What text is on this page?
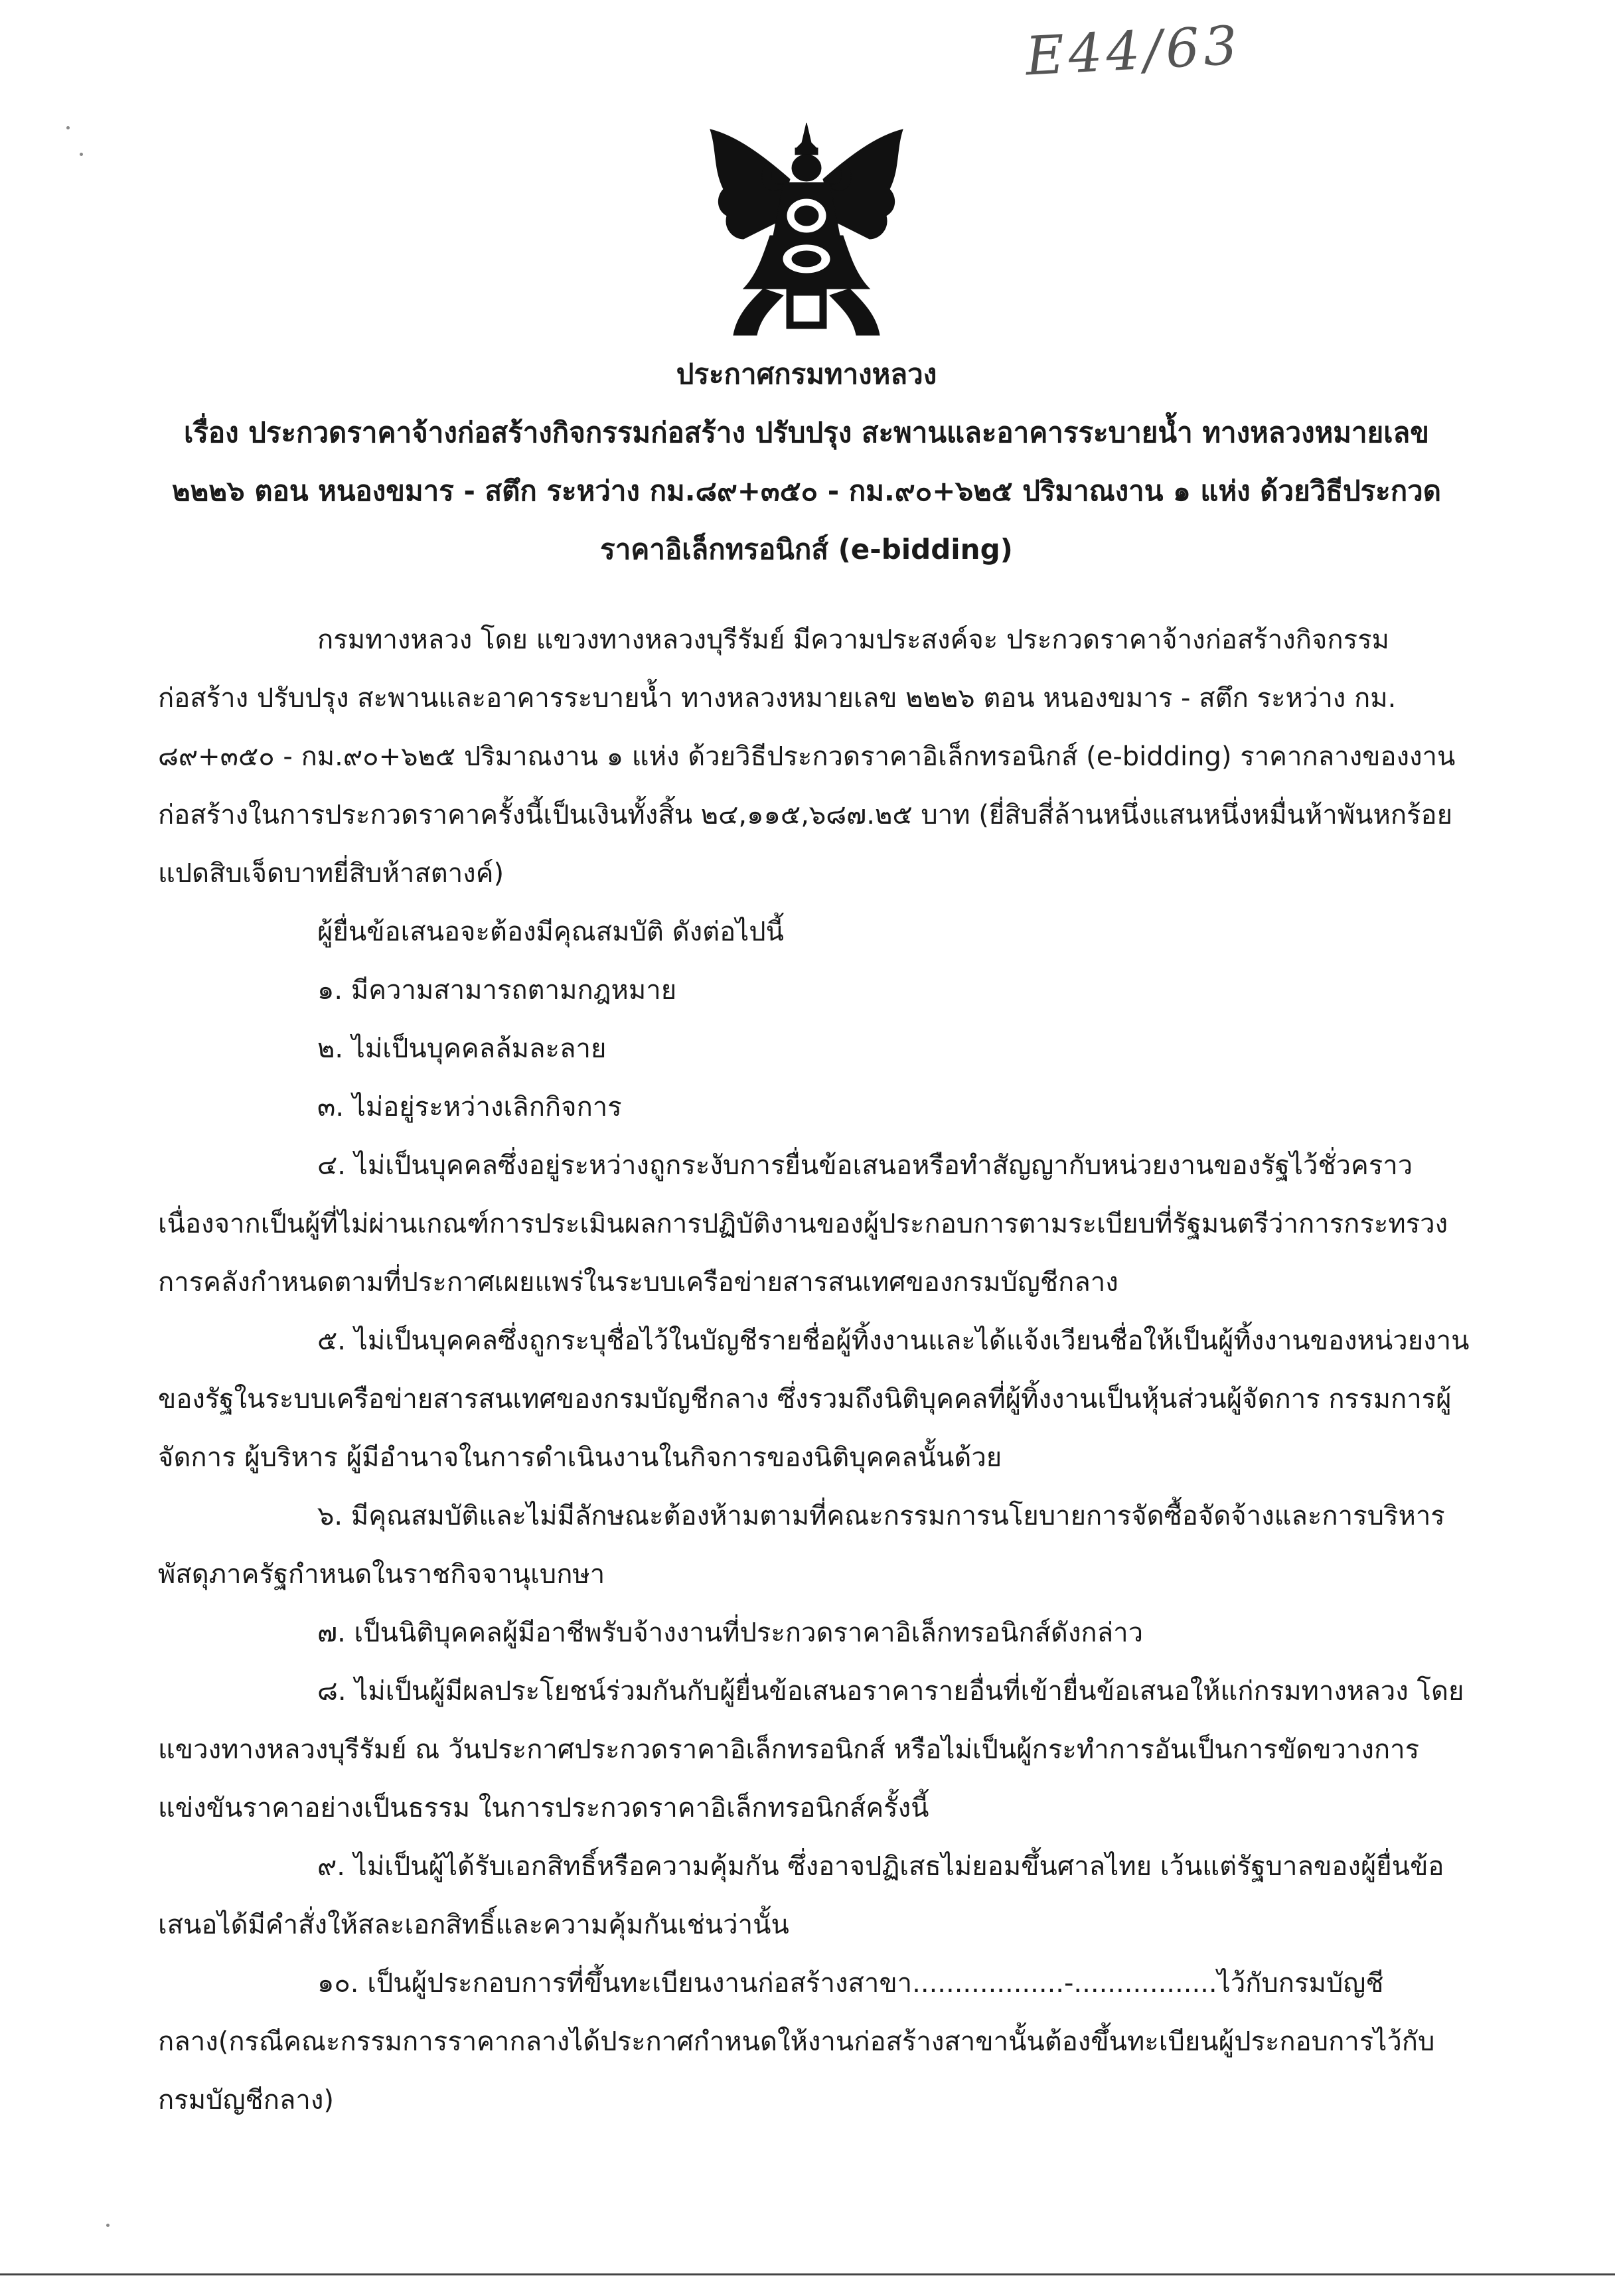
E44/63
ประกาศกรมทางหลวง
เรื่อง ประกวดราคาจ้างก่อสร้างกิจกรรมก่อสร้าง ปรับปรุง สะพานและอาคารระบายน้ำ ทางหลวงหมายเลข
๒๒๒๖ ตอน หนองขมาร - สตึก ระหว่าง กม.๘๙+๓๕๐ - กม.๙๐+๖๒๕ ปริมาณงาน ๑ แห่ง ด้วยวิธีประกวด
ราคาอิเล็กทรอนิกส์ (e-bidding)
กรมทางหลวง โดย แขวงทางหลวงบุรีรัมย์ มีความประสงค์จะ ประกวดราคาจ้างก่อสร้างกิจกรรม
ก่อสร้าง ปรับปรุง สะพานและอาคารระบายน้ำ ทางหลวงหมายเลข ๒๒๒๖ ตอน หนองขมาร - สตึก ระหว่าง กม.
๘๙+๓๕๐ - กม.๙๐+๖๒๕ ปริมาณงาน ๑ แห่ง ด้วยวิธีประกวดราคาอิเล็กทรอนิกส์ (e-bidding) ราคากลางของงาน
ก่อสร้างในการประกวดราคาครั้งนี้เป็นเงินทั้งสิ้น ๒๔,๑๑๕,๖๘๗.๒๕ บาท (ยี่สิบสี่ล้านหนึ่งแสนหนึ่งหมื่นห้าพันหกร้อย
แปดสิบเจ็ดบาทยี่สิบห้าสตางค์)
ผู้ยื่นข้อเสนอจะต้องมีคุณสมบัติ ดังต่อไปนี้
๑. มีความสามารถตามกฎหมาย
๒. ไม่เป็นบุคคลล้มละลาย
๓. ไม่อยู่ระหว่างเลิกกิจการ
๔. ไม่เป็นบุคคลซึ่งอยู่ระหว่างถูกระงับการยื่นข้อเสนอหรือทำสัญญากับหน่วยงานของรัฐไว้ชั่วคราว
เนื่องจากเป็นผู้ที่ไม่ผ่านเกณฑ์การประเมินผลการปฏิบัติงานของผู้ประกอบการตามระเบียบที่รัฐมนตรีว่าการกระทรวง
การคลังกำหนดตามที่ประกาศเผยแพร่ในระบบเครือข่ายสารสนเทศของกรมบัญชีกลาง
๕. ไม่เป็นบุคคลซึ่งถูกระบุชื่อไว้ในบัญชีรายชื่อผู้ทิ้งงานและได้แจ้งเวียนชื่อให้เป็นผู้ทิ้งงานของหน่วยงาน
ของรัฐในระบบเครือข่ายสารสนเทศของกรมบัญชีกลาง ซึ่งรวมถึงนิติบุคคลที่ผู้ทิ้งงานเป็นหุ้นส่วนผู้จัดการ กรรมการผู้
จัดการ ผู้บริหาร ผู้มีอำนาจในการดำเนินงานในกิจการของนิติบุคคลนั้นด้วย
๖. มีคุณสมบัติและไม่มีลักษณะต้องห้ามตามที่คณะกรรมการนโยบายการจัดซื้อจัดจ้างและการบริหาร
พัสดุภาครัฐกำหนดในราชกิจจานุเบกษา
๗. เป็นนิติบุคคลผู้มีอาชีพรับจ้างงานที่ประกวดราคาอิเล็กทรอนิกส์ดังกล่าว
๘. ไม่เป็นผู้มีผลประโยชน์ร่วมกันกับผู้ยื่นข้อเสนอราคารายอื่นที่เข้ายื่นข้อเสนอให้แก่กรมทางหลวง โดย
แขวงทางหลวงบุรีรัมย์ ณ วันประกาศประกวดราคาอิเล็กทรอนิกส์ หรือไม่เป็นผู้กระทำการอันเป็นการขัดขวางการ
แข่งขันราคาอย่างเป็นธรรม ในการประกวดราคาอิเล็กทรอนิกส์ครั้งนี้
๙. ไม่เป็นผู้ได้รับเอกสิทธิ์หรือความคุ้มกัน ซึ่งอาจปฏิเสธไม่ยอมขึ้นศาลไทย เว้นแต่รัฐบาลของผู้ยื่นข้อ
เสนอได้มีคำสั่งให้สละเอกสิทธิ์และความคุ้มกันเช่นว่านั้น
๑๐. เป็นผู้ประกอบการที่ขึ้นทะเบียนงานก่อสร้างสาขา..................-.................ไว้กับกรมบัญชี
กลาง(กรณีคณะกรรมการราคากลางได้ประกาศกำหนดให้งานก่อสร้างสาขานั้นต้องขึ้นทะเบียนผู้ประกอบการไว้กับ
กรมบัญชีกลาง)
